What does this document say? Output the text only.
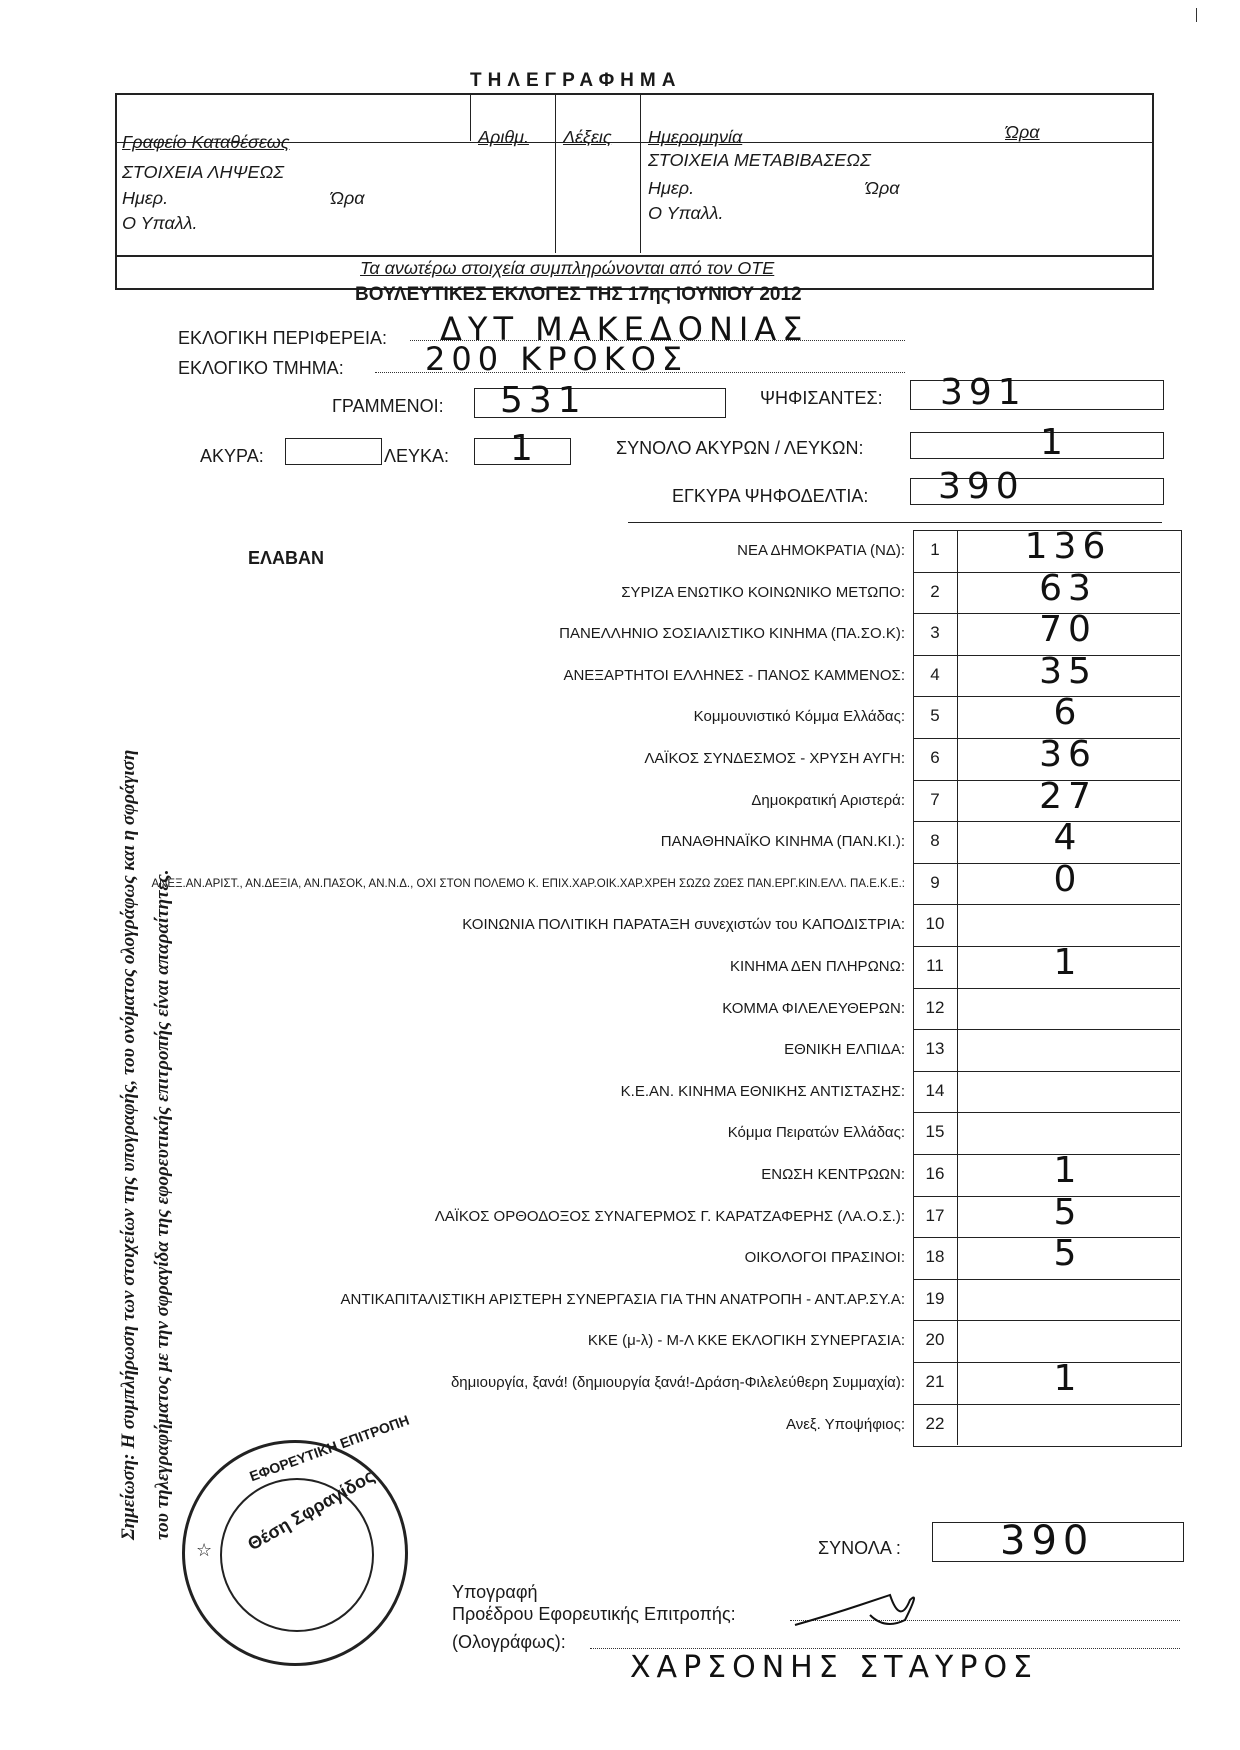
ΤΗΛΕΓΡΑΦΗΜΑ
Γραφείο Καταθέσεως	Αριθμ. Λέξεις Ημερομηνία	Ώρα
ΣΤΟΙΧΕΙΑ ΛΗΨΕΩΣ
Ημερ.	Ώρα
Ο Υπαλλ.
ΣΤΟΙΧΕΙΑ ΜΕΤΑΒΙΒΑΣΕΩΣ
Ημερ.	Ώρα
Ο Υπαλλ.
Τα ανωτέρω στοιχεία συμπληρώνονται από τον ΟΤΕ
ΒΟΥΛΕΥΤΙΚΕΣ ΕΚΛΟΓΕΣ ΤΗΣ 17ης ΙΟΥΝΙΟΥ 2012
ΕΚΛΟΓΙΚΗ ΠΕΡΙΦΕΡΕΙΑ: ΔΥΤ ΜΑΚΕΔΟΝΙΑΣ
ΕΚΛΟΓΙΚΟ ΤΜΗΜΑ:	200 ΚΡΟΚΟΣ
ΓΡΑΜΜΕΝΟΙ: 531	ΨΗΦΙΣΑΝΤΕΣ: 391
ΑΚΥΡΑ:	ΛΕΥΚΑ: 1	ΣΥΝΟΛΟ ΑΚΥΡΩΝ / ΛΕΥΚΩΝ:	1
ΕΓΚΥΡΑ ΨΗΦΟΔΕΛΤΙΑ: 390
ΕΛΑΒΑΝ	ΝΕΑ ΔΗΜΟΚΡΑΤΙΑ (ΝΔ):	1	136
ΣΥΡΙΖΑ ΕΝΩΤΙΚΟ ΚΟΙΝΩΝΙΚΟ ΜΕΤΩΠΟ:	2	63
ΠΑΝΕΛΛΗΝΙΟ ΣΟΣΙΑΛΙΣΤΙΚΟ ΚΙΝΗΜΑ (ΠΑ.ΣΟ.Κ):	3	70
ΑΝΕΞΑΡΤΗΤΟΙ ΕΛΛΗΝΕΣ - ΠΑΝΟΣ ΚΑΜΜΕΝΟΣ:	4	35
Κομμουνιστικό Κόμμα Ελλάδας:	5	6
ΛΑΪΚΟΣ ΣΥΝΔΕΣΜΟΣ - ΧΡΥΣΗ ΑΥΓΗ:	6	36
Δημοκρατική Αριστερά:	7	27
ΠΑΝΑΘΗΝΑΪΚΟ ΚΙΝΗΜΑ (ΠΑΝ.ΚΙ.):	8	4
ΑΝΕΞ.ΑΝ.ΑΡΙΣΤ., ΑΝ.ΔΕΞΙΑ, ΑΝ.ΠΑΣΟΚ, ΑΝ.Ν.Δ., ΟΧΙ ΣΤΟΝ ΠΟΛΕΜΟ Κ. ΕΠΙΧ.ΧΑΡ.ΟΙΚ.ΧΑΡ.ΧΡΕΗ ΣΩΖΩ ΖΩΕΣ ΠΑΝ.ΕΡΓ.ΚΙΝ.ΕΛΛ. ΠΑ.Ε.Κ.Ε.:	9	0
ΚΟΙΝΩΝΙΑ ΠΟΛΙΤΙΚΗ ΠΑΡΑΤΑΞΗ συνεχιστών του ΚΑΠΟΔΙΣΤΡΙΑ:	10
ΚΙΝΗΜΑ ΔΕΝ ΠΛΗΡΩΝΩ:	11	1
ΚΟΜΜΑ ΦΙΛΕΛΕΥΘΕΡΩΝ:	12
ΕΘΝΙΚΗ ΕΛΠΙΔΑ:	13
Κ.Ε.ΑΝ. ΚΙΝΗΜΑ ΕΘΝΙΚΗΣ ΑΝΤΙΣΤΑΣΗΣ:	14
Κόμμα Πειρατών Ελλάδας:	15
ΕΝΩΣΗ ΚΕΝΤΡΩΩΝ:	16	1
ΛΑΪΚΟΣ ΟΡΘΟΔΟΞΟΣ ΣΥΝΑΓΕΡΜΟΣ Γ. ΚΑΡΑΤΖΑΦΕΡΗΣ (ΛΑ.Ο.Σ.):	17	5
ΟΙΚΟΛΟΓΟΙ ΠΡΑΣΙΝΟΙ:	18	5
ΑΝΤΙΚΑΠΙΤΑΛΙΣΤΙΚΗ ΑΡΙΣΤΕΡΗ ΣΥΝΕΡΓΑΣΙΑ ΓΙΑ ΤΗΝ ΑΝΑΤΡΟΠΗ - ΑΝΤ.ΑΡ.ΣΥ.Α:	19
ΚΚΕ (μ-λ) - Μ-Λ ΚΚΕ ΕΚΛΟΓΙΚΗ ΣΥΝΕΡΓΑΣΙΑ:	20
δημιουργία, ξανά! (δημιουργία ξανά!-Δράση-Φιλελεύθερη Συμμαχία):	21	1
Ανεξ. Υποψήφιος:	22
ΣΥΝΟΛΑ : 390
Υπογραφή
Προέδρου Εφορευτικής Επιτροπής:
(Ολογράφως):
ΧΑΡΣΟΝΗΣ ΣΤΑΥΡΟΣ
Σημείωση: Η συμπλήρωση των στοιχείων της υπογραφής, του ονόματος ολογράφως και η σφράγιση του τηλεγραφήματος με την σφραγίδα της εφορευτικής επιτροπής είναι απαραίτητες.	ΕΦΟΡΕΥΤΙΚΗ ΕΠΙΤΡΟΠΗ
Θέση Σφραγίδος
☆
